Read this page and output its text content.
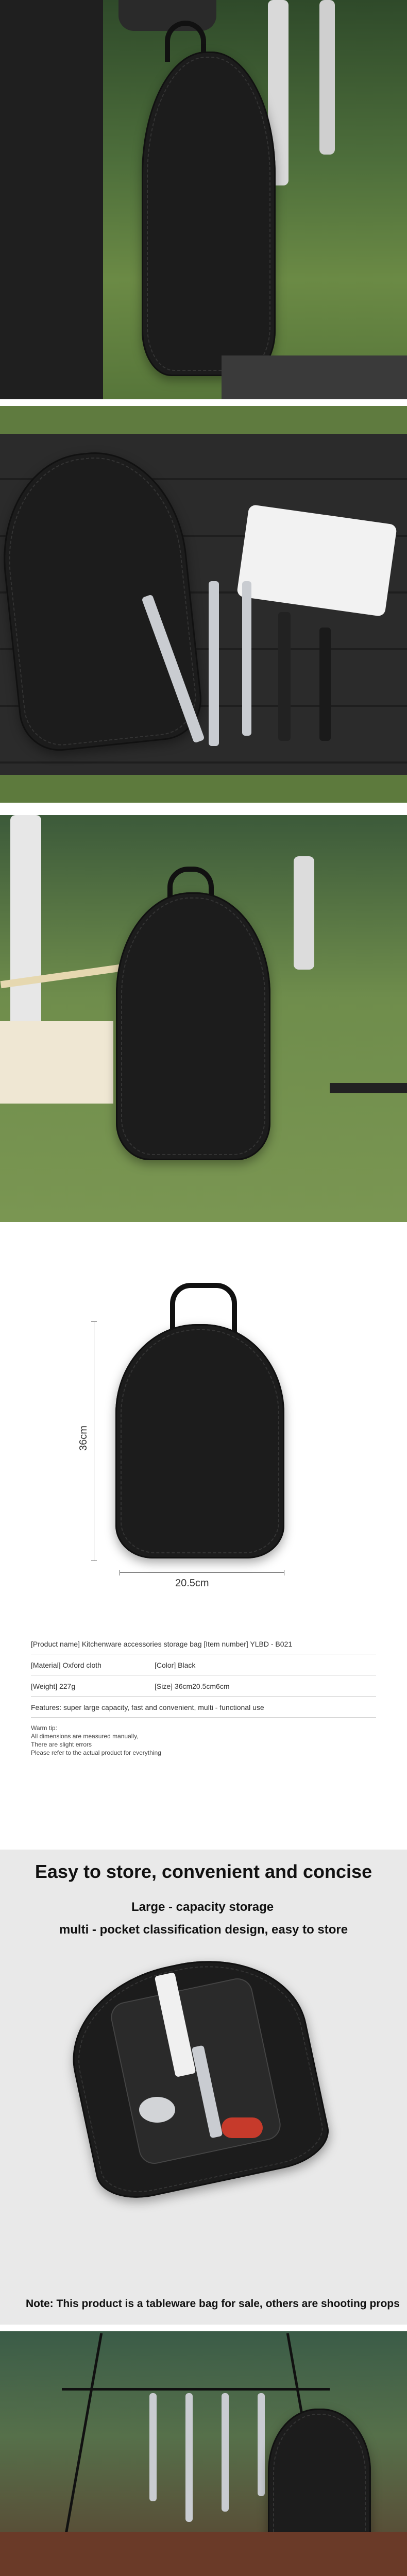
36cm
20.5cm
[Product name] Kitchenware accessories storage bag [Item number] YLBD - B021
[Material] Oxford cloth	[Color] Black
[Weight] 227g	[Size] 36cm20.5cm6cm
Features: super large capacity, fast and convenient, multi - functional use
Warm tip:
All dimensions are measured manually,
There are slight errors
Please refer to the actual product for everything
Easy to store, convenient and concise
Large - capacity storage
multi - pocket classification design, easy to store
Note: This product is a tableware bag for sale, others are shooting props
